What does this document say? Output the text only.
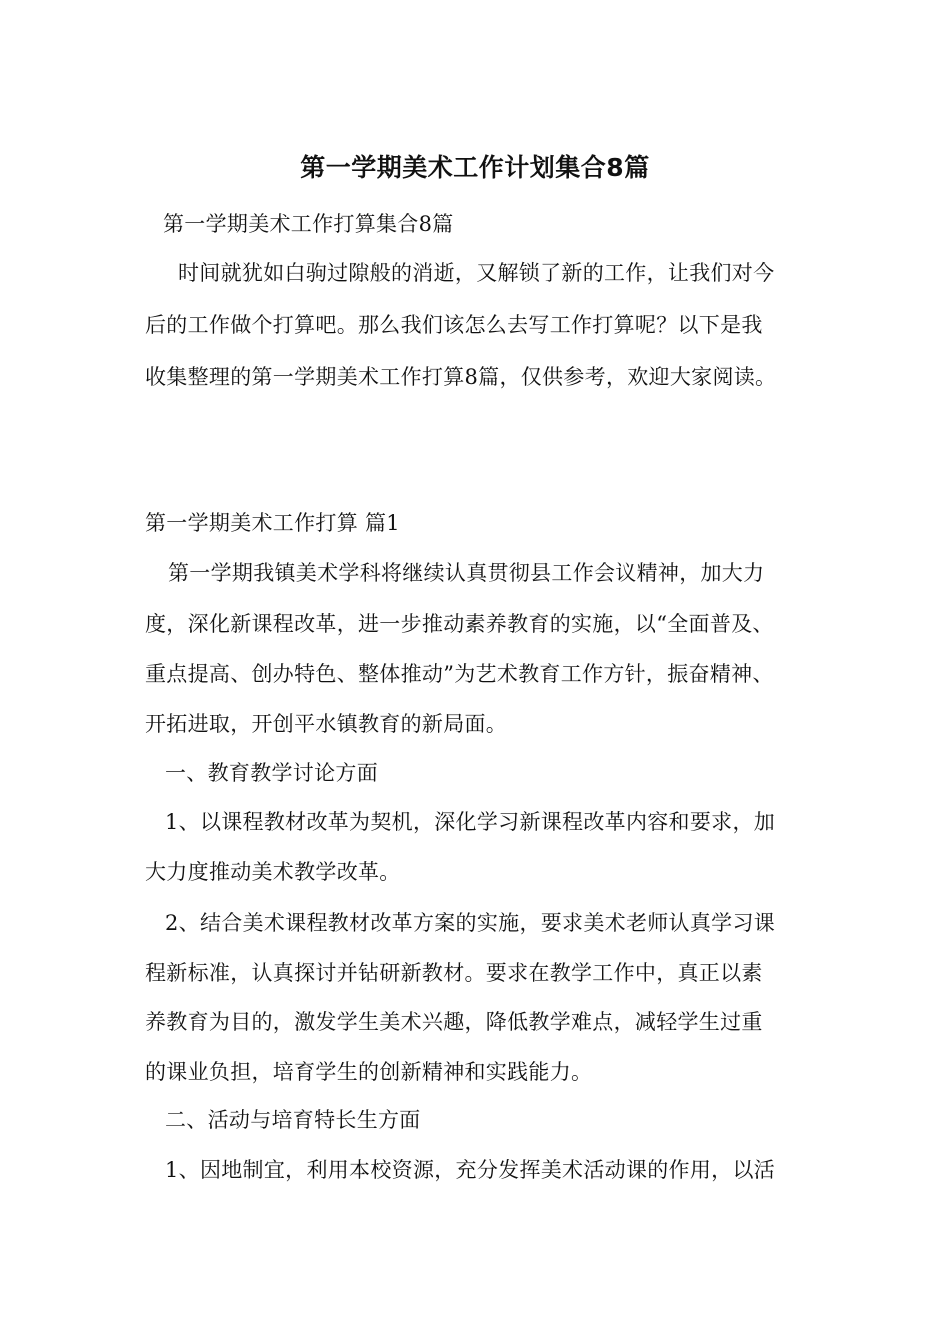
第一学期美术工作计划集合8篇
第一学期美术工作打算集合8篇
时间就犹如白驹过隙般的消逝，又解锁了新的工作，让我们对今
后的工作做个打算吧。那么我们该怎么去写工作打算呢？以下是我
收集整理的第一学期美术工作打算8篇，仅供参考，欢迎大家阅读。
第一学期美术工作打算 篇1
第一学期我镇美术学科将继续认真贯彻县工作会议精神，加大力
度，深化新课程改革，进一步推动素养教育的实施，以“全面普及、
重点提高、创办特色、整体推动”为艺术教育工作方针，振奋精神、
开拓进取，开创平水镇教育的新局面。
一、教育教学讨论方面
1、以课程教材改革为契机，深化学习新课程改革内容和要求，加
大力度推动美术教学改革。
2、结合美术课程教材改革方案的实施，要求美术老师认真学习课
程新标准，认真探讨并钻研新教材。要求在教学工作中，真正以素
养教育为目的，激发学生美术兴趣，降低教学难点，减轻学生过重
的课业负担，培育学生的创新精神和实践能力。
二、活动与培育特长生方面
1、因地制宜，利用本校资源，充分发挥美术活动课的作用，以活
